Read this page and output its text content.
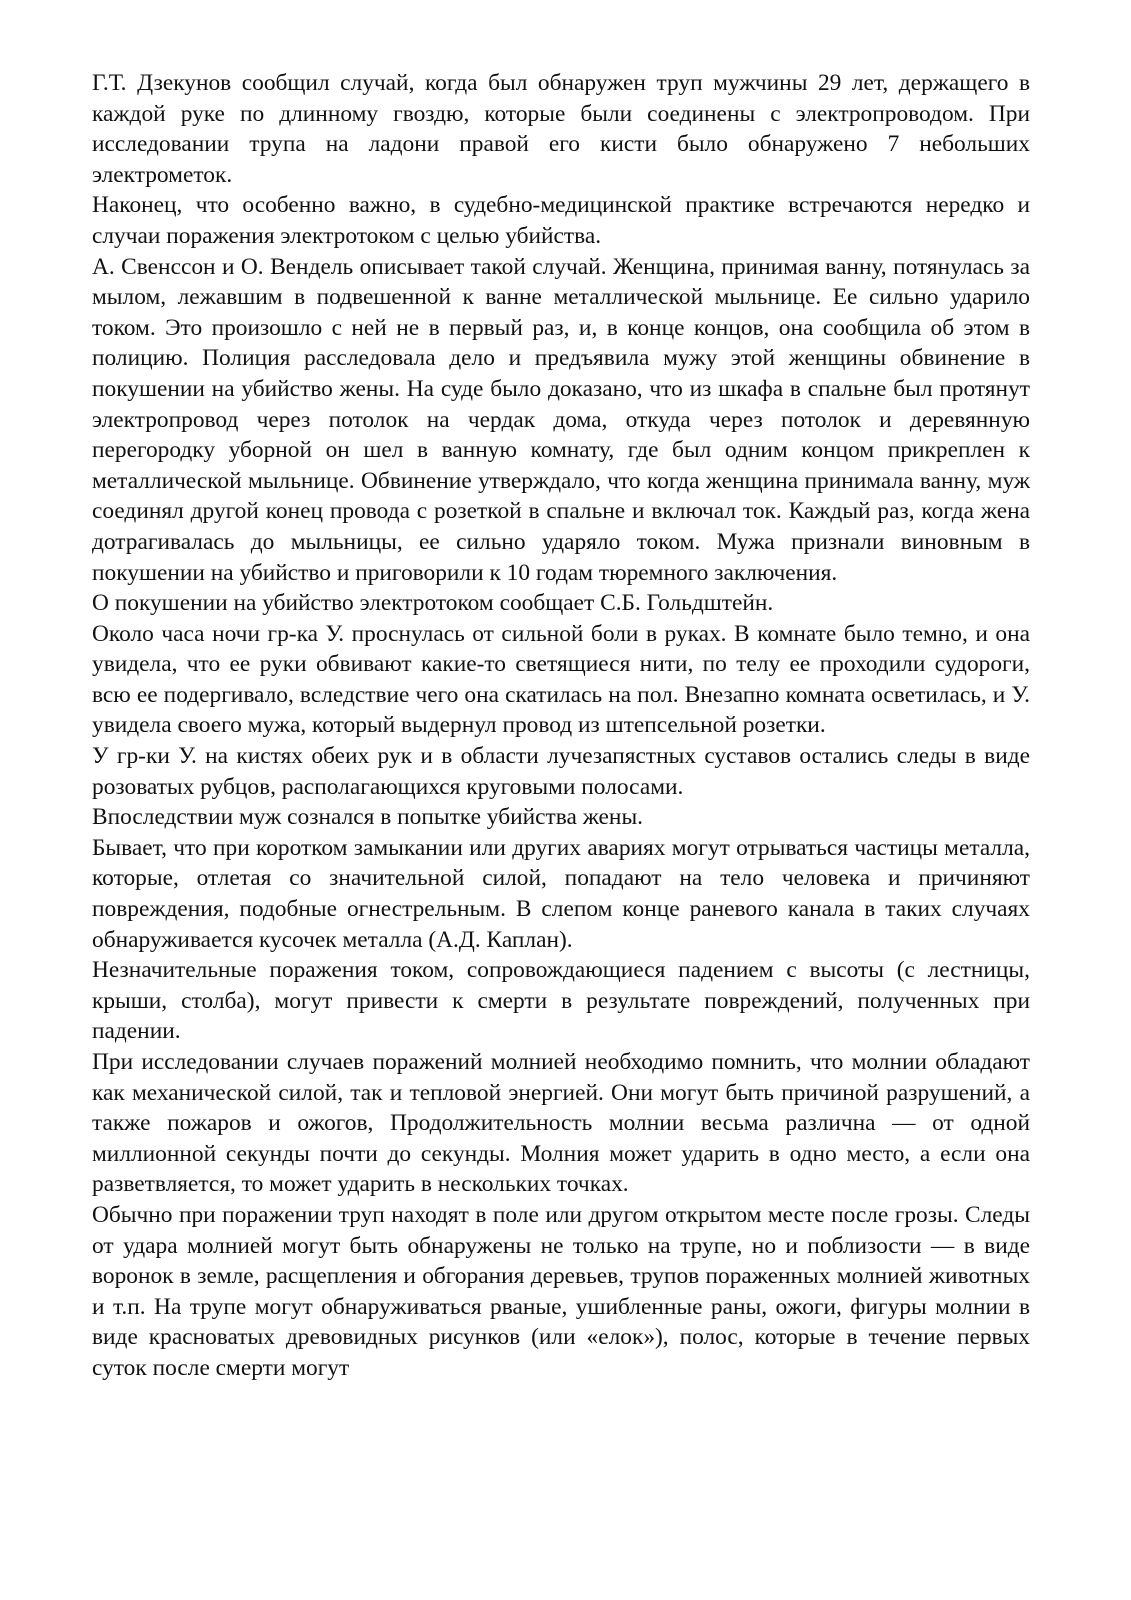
Г.Т. Дзекунов сообщил случай, когда был обнаружен труп мужчины 29 лет, держащего в каждой руке по длинному гвоздю, которые были соединены с электропроводом. При исследовании трупа на ладони правой его кисти было обнаружено 7 небольших электрометок.

Наконец, что особенно важно, в судебно-медицинской практике встречаются нередко и случаи поражения электротоком с целью убийства.

А. Свенссон и О. Вендель описывает такой случай. Женщина, принимая ванну, потянулась за мылом, лежавшим в подвешенной к ванне металлической мыльнице. Ее сильно ударило током. Это произошло с ней не в первый раз, и, в конце концов, она сообщила об этом в полицию. Полиция расследовала дело и предъявила мужу этой женщины обвинение в покушении на убийство жены. На суде было доказано, что из шкафа в спальне был протянут электропровод через потолок на чердак дома, откуда через потолок и деревянную перегородку уборной он шел в ванную комнату, где был одним концом прикреплен к металлической мыльнице. Обвинение утверждало, что когда женщина принимала ванну, муж соединял другой конец провода с розеткой в спальне и включал ток. Каждый раз, когда жена дотрагивалась до мыльницы, ее сильно ударяло током. Мужа признали виновным в покушении на убийство и приговорили к 10 годам тюремного заключения.

О покушении на убийство электротоком сообщает С.Б. Гольдштейн.

Около часа ночи гр-ка У. проснулась от сильной боли в руках. В комнате было темно, и она увидела, что ее руки обвивают какие-то светящиеся нити, по телу ее проходили судороги, всю ее подергивало, вследствие чего она скатилась на пол. Внезапно комната осветилась, и У. увидела своего мужа, который выдернул провод из штепсельной розетки.

У гр-ки У. на кистях обеих рук и в области лучезапястных суставов остались следы в виде розоватых рубцов, располагающихся круговыми полосами.

Впоследствии муж сознался в попытке убийства жены.

Бывает, что при коротком замыкании или других авариях могут отрываться частицы металла, которые, отлетая со значительной силой, попадают на тело человека и причиняют повреждения, подобные огнестрельным. В слепом конце раневого канала в таких случаях обнаруживается кусочек металла (А.Д. Каплан).

Незначительные поражения током, сопровождающиеся падением с высоты (с лестницы, крыши, столба), могут привести к смерти в результате повреждений, полученных при падении.

При исследовании случаев поражений молнией необходимо помнить, что молнии обладают как механической силой, так и тепловой энергией. Они могут быть причиной разрушений, а также пожаров и ожогов, Продолжительность молнии весьма различна — от одной миллионной секунды почти до секунды. Молния может ударить в одно место, а если она разветвляется, то может ударить в нескольких точках.

Обычно при поражении труп находят в поле или другом открытом месте после грозы. Следы от удара молнией могут быть обнаружены не только на трупе, но и поблизости — в виде воронок в земле, расщепления и обгорания деревьев, трупов пораженных молнией животных и т.п. На трупе могут обнаруживаться рваные, ушибленные раны, ожоги, фигуры молнии в виде красноватых древовидных рисунков (или «елок»), полос, которые в течение первых суток после смерти могут
